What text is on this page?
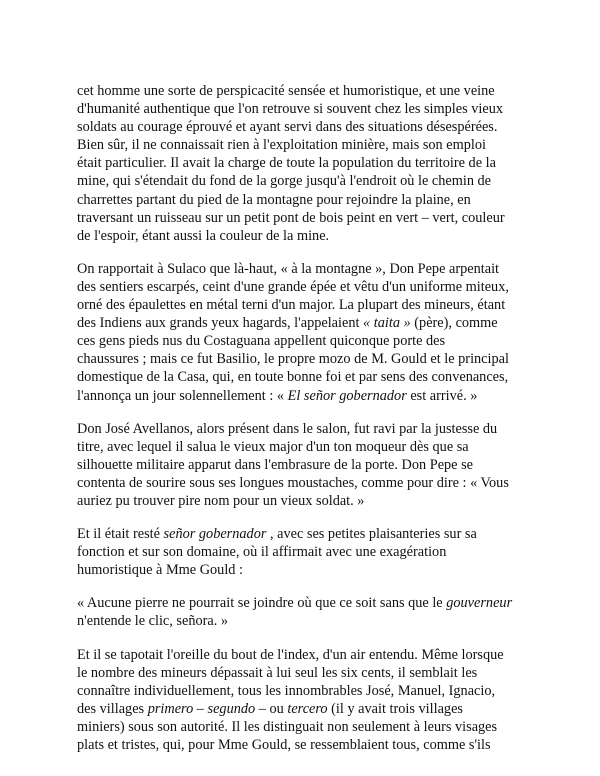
cet homme une sorte de perspicacité sensée et humoristique, et une veine
d'humanité authentique que l'on retrouve si souvent chez les simples vieux
soldats au courage éprouvé et ayant servi dans des situations désespérées.
Bien sûr, il ne connaissait rien à l'exploitation minière, mais son emploi
était particulier. Il avait la charge de toute la population du territoire de la
mine, qui s'étendait du fond de la gorge jusqu'à l'endroit où le chemin de
charrettes partant du pied de la montagne pour rejoindre la plaine, en
traversant un ruisseau sur un petit pont de bois peint en vert – vert, couleur
de l'espoir, étant aussi la couleur de la mine.

On rapportait à Sulaco que là-haut, « à la montagne », Don Pepe arpentait
des sentiers escarpés, ceint d'une grande épée et vêtu d'un uniforme miteux,
orné des épaulettes en métal terni d'un major. La plupart des mineurs, étant
des Indiens aux grands yeux hagards, l'appelaient « taita » (père), comme
ces gens pieds nus du Costaguana appellent quiconque porte des
chaussures ; mais ce fut Basilio, le propre mozo de M. Gould et le principal
domestique de la Casa, qui, en toute bonne foi et par sens des convenances,
l'annonça un jour solennellement : « El señor gobernador est arrivé. »

Don José Avellanos, alors présent dans le salon, fut ravi par la justesse du
titre, avec lequel il salua le vieux major d'un ton moqueur dès que sa
silhouette militaire apparut dans l'embrasure de la porte. Don Pepe se
contenta de sourire sous ses longues moustaches, comme pour dire : « Vous
auriez pu trouver pire nom pour un vieux soldat. »

Et il était resté señor gobernador , avec ses petites plaisanteries sur sa
fonction et sur son domaine, où il affirmait avec une exagération
humoristique à Mme Gould :

« Aucune pierre ne pourrait se joindre où que ce soit sans que le gouverneur
n'entende le clic, señora. »

Et il se tapotait l'oreille du bout de l'index, d'un air entendu. Même lorsque
le nombre des mineurs dépassait à lui seul les six cents, il semblait les
connaître individuellement, tous les innombrables José, Manuel, Ignacio,
des villages primero – segundo – ou tercero (il y avait trois villages
miniers) sous son autorité. Il les distinguait non seulement à leurs visages
plats et tristes, qui, pour Mme Gould, se ressemblaient tous, comme s'ils
